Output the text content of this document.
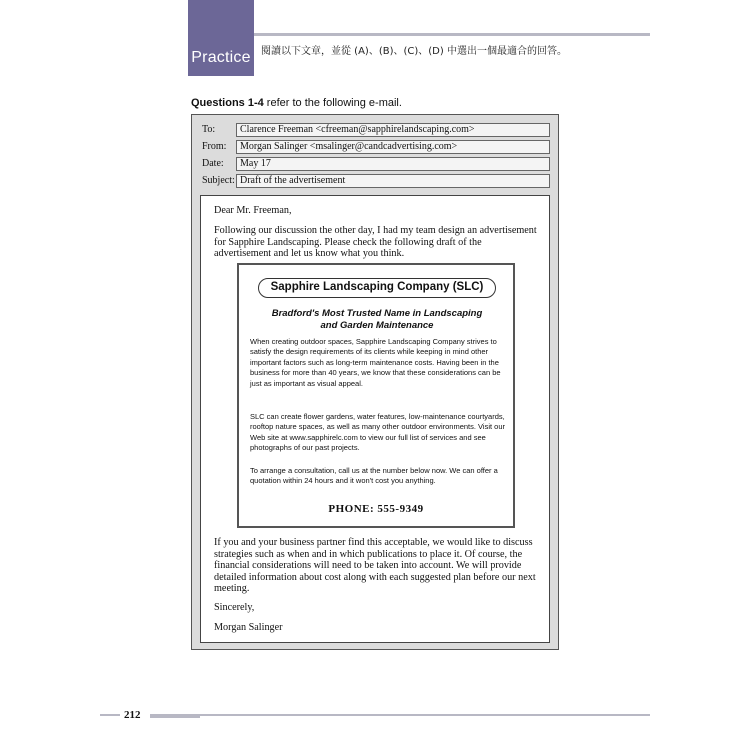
Practice	閱讀以下文章，並從 (A)、(B)、(C)、(D) 中選出一個最適合的回答。
Questions 1-4 refer to the following e-mail.
To:	Clarence Freeman <cfreeman@sapphirelandscaping.com>
From:	Morgan Salinger <msalinger@candcadvertising.com>
Date:	May 17
Subject: Draft of the advertisement
Dear Mr. Freeman,
Following our discussion the other day, I had my team design an advertisement for Sapphire Landscaping. Please check the following draft of the advertisement and let us know what you think.
Sapphire Landscaping Company (SLC)
Bradford's Most Trusted Name in Landscaping
and Garden Maintenance
When creating outdoor spaces, Sapphire Landscaping Company strives to satisfy the design requirements of its clients while keeping in mind other important factors such as long-term maintenance costs. Having been in the business for more than 40 years, we know that these considerations can be just as important as visual appeal.
SLC can create flower gardens, water features, low-maintenance courtyards, rooftop nature spaces, as well as many other outdoor environments. Visit our Web site at www.sapphirelc.com to view our full list of services and see photographs of our past projects.
To arrange a consultation, call us at the number below now. We can offer a quotation within 24 hours and it won't cost you anything.
PHONE: 555-9349
If you and your business partner find this acceptable, we would like to discuss strategies such as when and in which publications to place it. Of course, the financial considerations will need to be taken into account. We will provide detailed information about cost along with each suggested plan before our next meeting.
Sincerely,
Morgan Salinger
212
